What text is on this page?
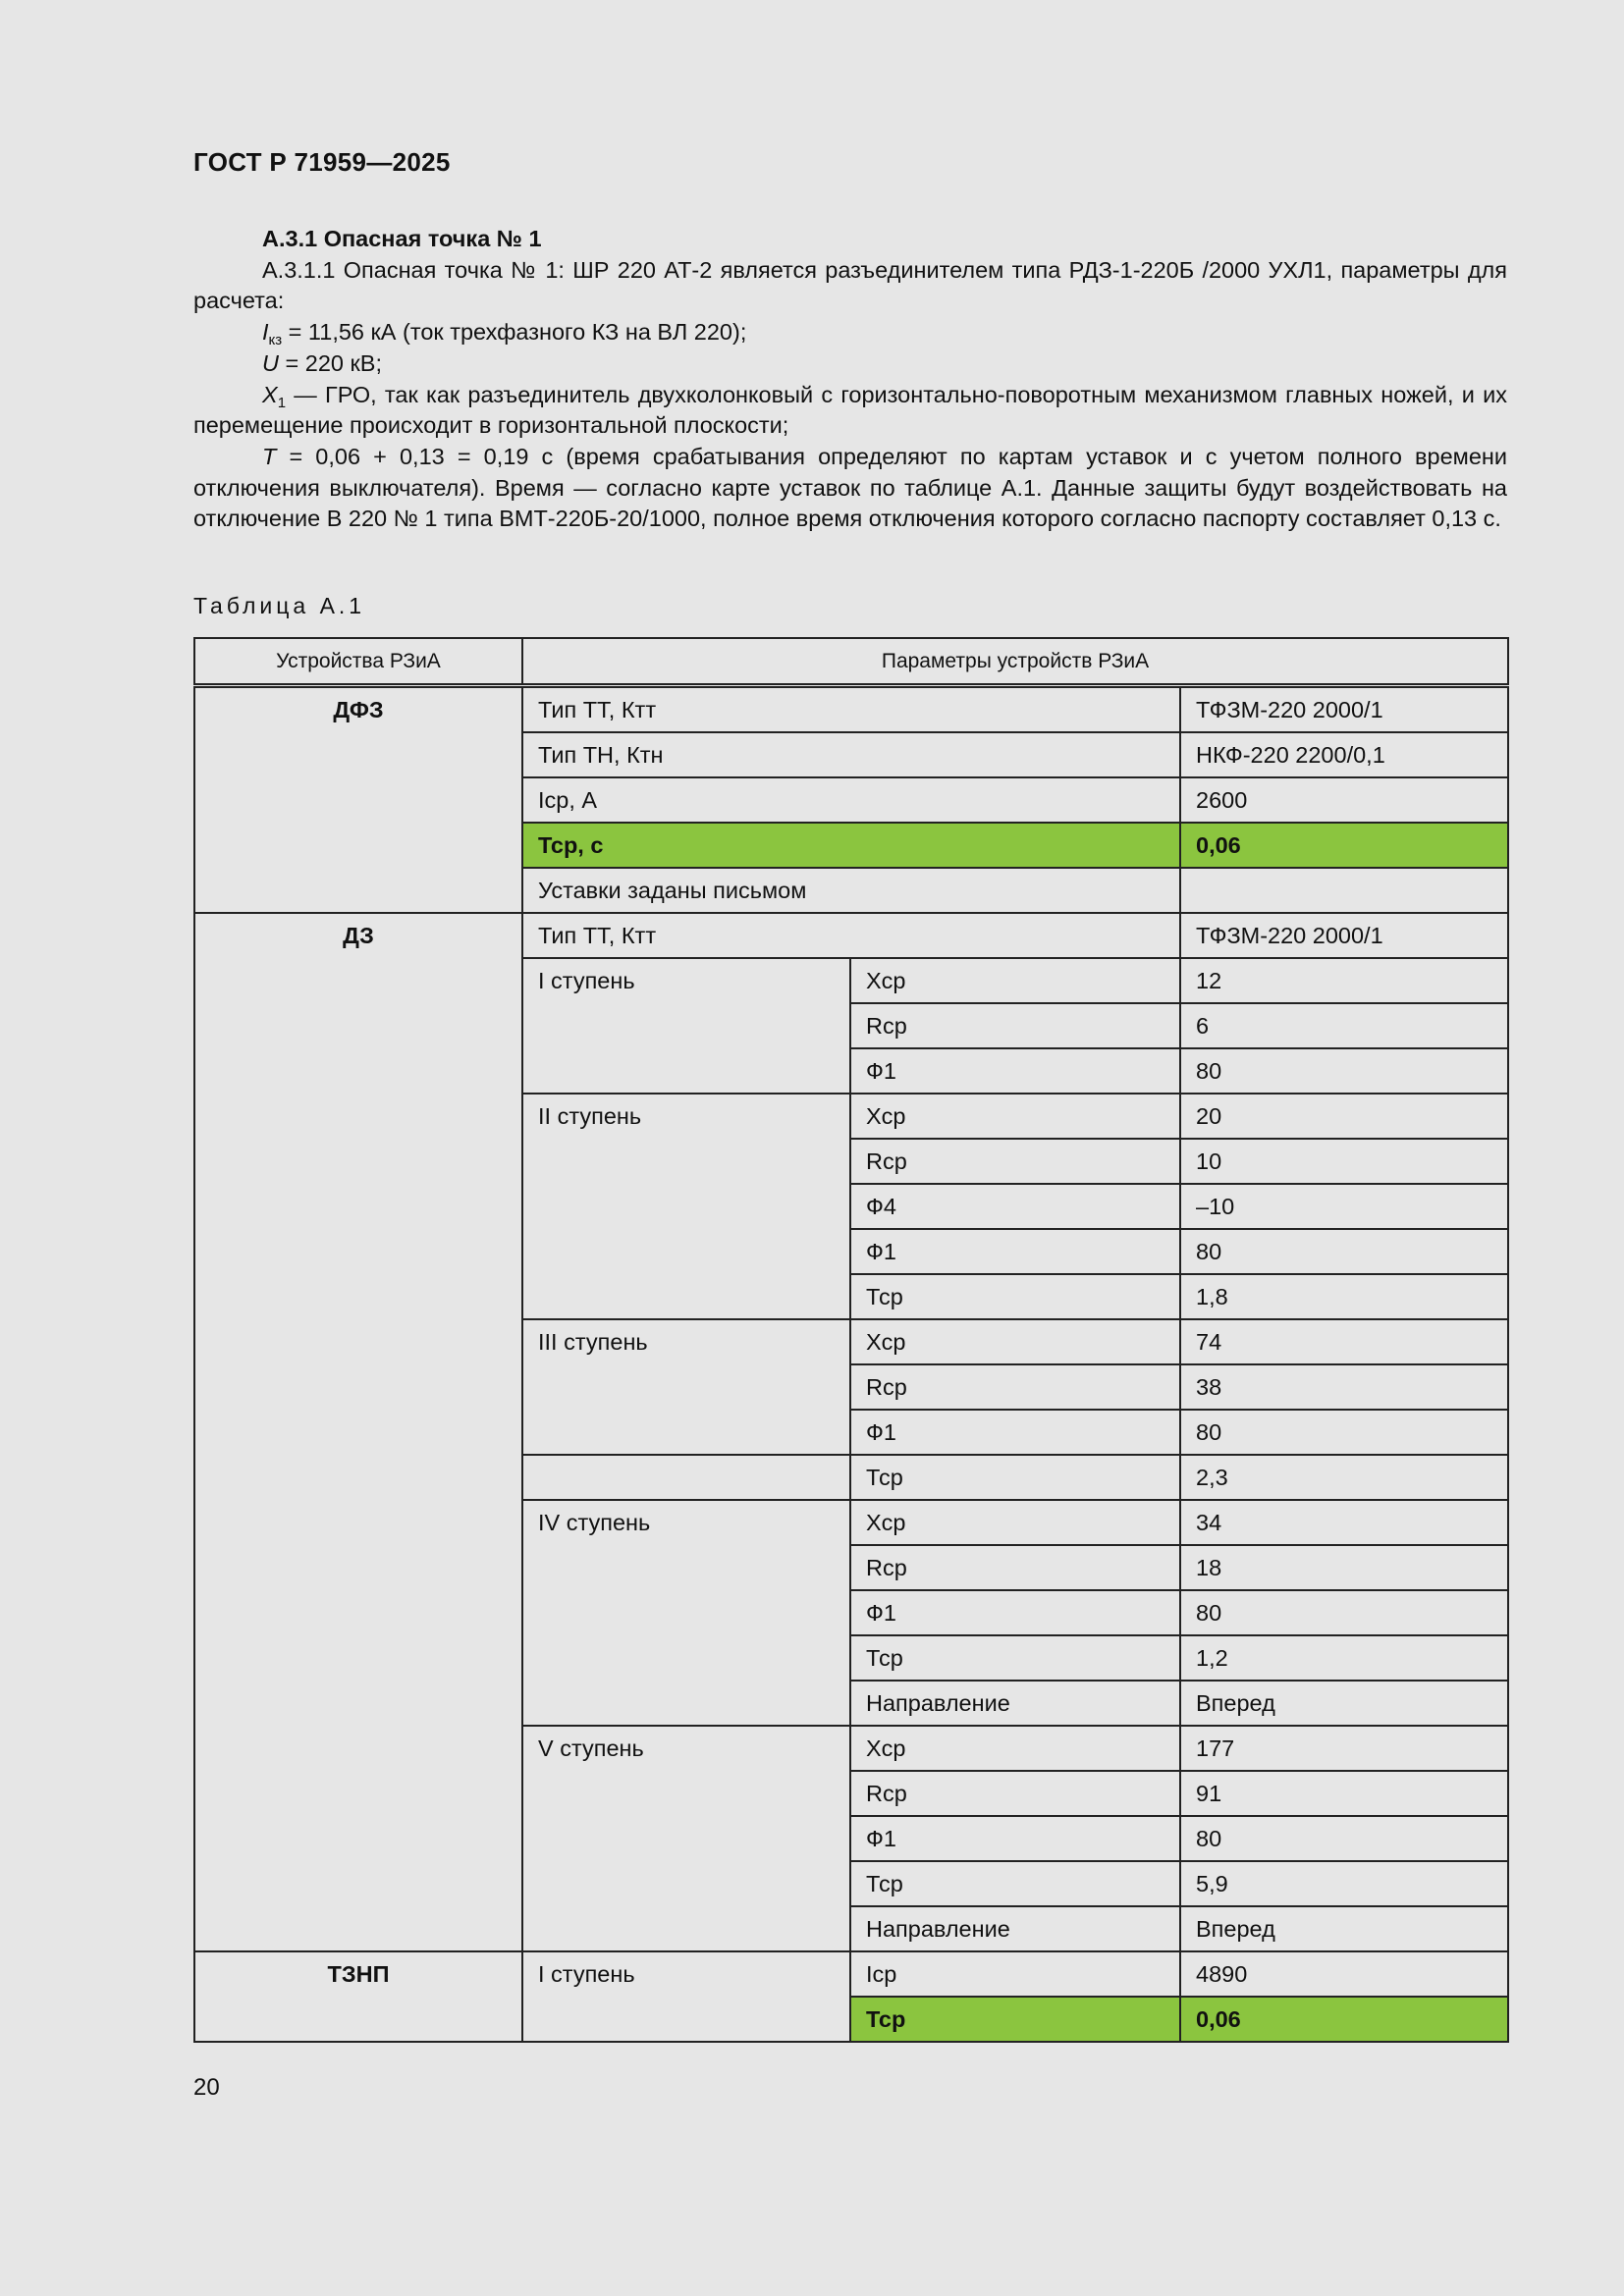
ГОСТ Р 71959—2025

А.3.1 Опасная точка № 1

А.3.1.1 Опасная точка № 1: ШР 220 АТ-2 является разъединителем типа РДЗ-1-220Б /2000 УХЛ1, параметры для расчета:

$I_{кз} = 11,56$ кА (ток трехфазного КЗ на ВЛ 220);

U = 220 кВ;

$X_1$ — ГРО, так как разъединитель двухколонковый с горизонтально-поворотным механизмом главных ножей, и их перемещение происходит в горизонтальной плоскости;

T = 0,06 + 0,13 = 0,19 с (время срабатывания определяют по картам уставок и с учетом полного времени отключения выключателя). Время — согласно карте уставок по таблице А.1. Данные защиты будут воздействовать на отключение В 220 № 1 типа ВМТ-220Б-20/1000, полное время отключения которого согласно паспорту составляет 0,13 с.

Таблица А.1
Устройства РЗиА	Параметры устройств РЗиА		
ДФЗ	Тип ТТ, Ктт		ТФЗМ-220 2000/1
	Тип ТН, Ктн		НКФ-220 2200/0,1
	Iср, А		2600
	Тср, с		0,06
	Уставки заданы письмом		
ДЗ	Тип ТТ, Ктт		ТФЗМ-220 2000/1
	I ступень	Хср	12
		Rср	6
		Ф1	80
	II ступень	Хср	20
		Rср	10
		Ф4	–10
		Ф1	80
		Тср	1,8
	III ступень	Хср	74
		Rср	38
		Ф1	80
		Тср	2,3
	IV ступень	Хср	34
		Rср	18
		Ф1	80
		Тср	1,2
		Направление	Вперед
	V ступень	Хср	177
		Rср	91
		Ф1	80
		Тср	5,9
		Направление	Вперед
ТЗНП	I ступень	Iср	4890
		Тср	0,06
20
